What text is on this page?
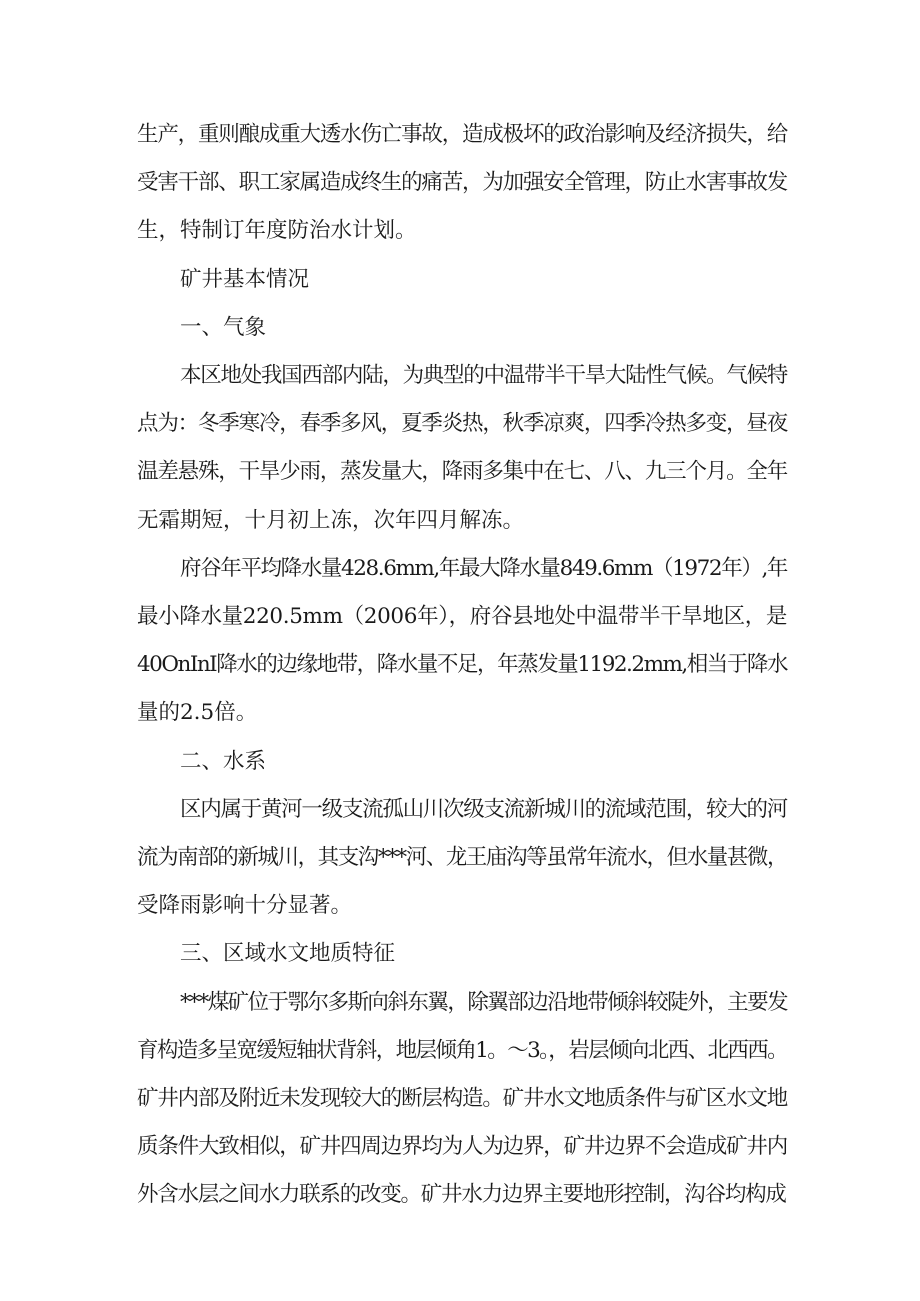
生产，重则酿成重大透水伤亡事故，造成极坏的政治影响及经济损失，给
受害干部、职工家属造成终生的痛苦，为加强安全管理，防止水害事故发
生，特制订年度防治水计划。
矿井基本情况
一、气象
本区地处我国西部内陆，为典型的中温带半干旱大陆性气候。气候特
点为：冬季寒冷，春季多风，夏季炎热，秋季凉爽，四季冷热多变，昼夜
温差悬殊，干旱少雨，蒸发量大，降雨多集中在七、八、九三个月。全年
无霜期短，十月初上冻，次年四月解冻。
府谷年平均降水量428.6mm,年最大降水量849.6mm（1972年）,年
最小降水量220.5mm（2006年），府谷县地处中温带半干旱地区，是
40OnInI降水的边缘地带，降水量不足，年蒸发量1192.2mm,相当于降水
量的2.5倍。
二、水系
区内属于黄河一级支流孤山川次级支流新城川的流域范围，较大的河
流为南部的新城川，其支沟***河、龙王庙沟等虽常年流水，但水量甚微，
受降雨影响十分显著。
三、区域水文地质特征
***煤矿位于鄂尔多斯向斜东翼，除翼部边沿地带倾斜较陡外，主要发
育构造多呈宽缓短轴状背斜，地层倾角1。～3。，岩层倾向北西、北西西。
矿井内部及附近未发现较大的断层构造。矿井水文地质条件与矿区水文地
质条件大致相似，矿井四周边界均为人为边界，矿井边界不会造成矿井内
外含水层之间水力联系的改变。矿井水力边界主要地形控制，沟谷均构成
